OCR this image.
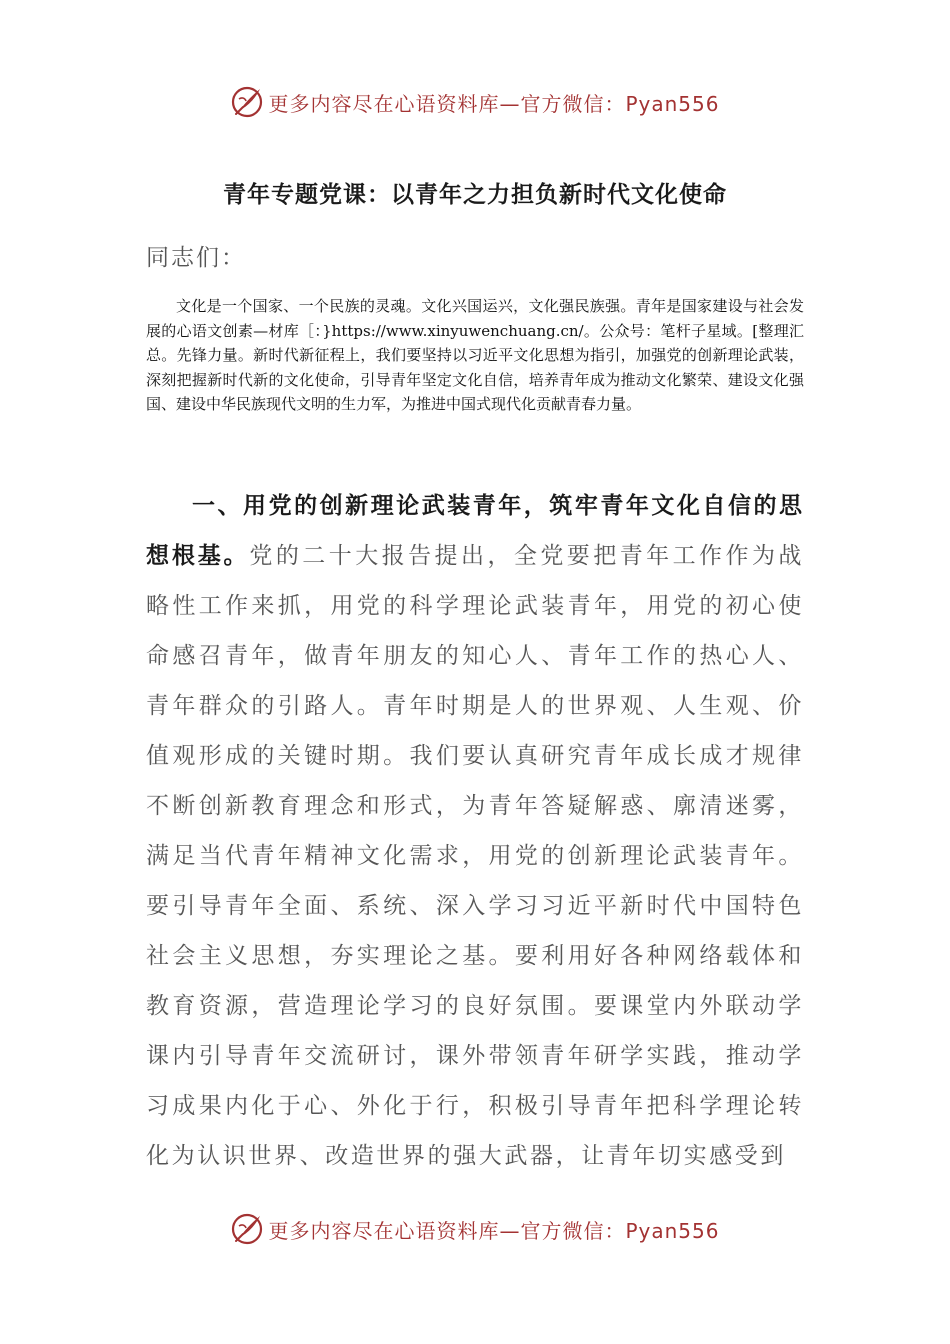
更多内容尽在心语资料库—官方微信：Pyan556
青年专题党课：以青年之力担负新时代文化使命

同志们：

文化是一个国家、一个民族的灵魂。文化兴国运兴，文化强民族强。青年是国家建设与社会发展的心语文创素—材库［：}https://www.xinyuwenchuang.cn/。公众号：笔杆子星域。[整理汇总。先锋力量。新时代新征程上，我们要坚持以习近平文化思想为指引，加强党的创新理论武装，深刻把握新时代新的文化使命，引导青年坚定文化自信，培养青年成为推动文化繁荣、建设文化强国、建设中华民族现代文明的生力军，为推进中国式现代化贡献青春力量。

一、用党的创新理论武装青年，筑牢青年文化自信的思想根基。党的二十大报告提出，全党要把青年工作作为战略性工作来抓，用党的科学理论武装青年，用党的初心使命感召青年，做青年朋友的知心人、青年工作的热心人、青年群众的引路人。青年时期是人的世界观、人生观、价值观形成的关键时期。我们要认真研究青年成长成才规律不断创新教育理念和形式，为青年答疑解惑、廓清迷雾，满足当代青年精神文化需求，用党的创新理论武装青年。要引导青年全面、系统、深入学习习近平新时代中国特色社会主义思想，夯实理论之基。要利用好各种网络载体和教育资源，营造理论学习的良好氛围。要课堂内外联动学课内引导青年交流研讨，课外带领青年研学实践，推动学习成果内化于心、外化于行，积极引导青年把科学理论转化为认识世界、改造世界的强大武器，让青年切实感受到

更多内容尽在心语资料库—官方微信：Pyan556
